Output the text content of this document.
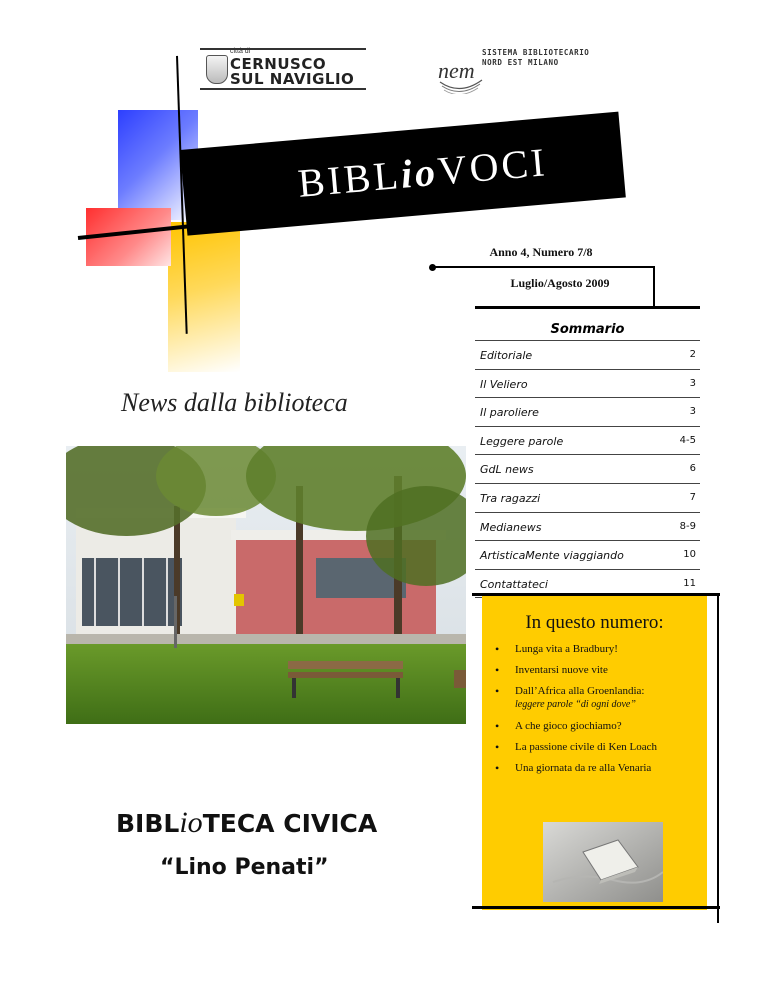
città di
CERNUSCO
SUL NAVIGLIO	nem
SISTEMA BIBLIOTECARIO
NORD EST MILANO
BIBLioVOCI
Anno 4, Numero 7/8
Luglio/Agosto 2009
Sommario
Editoriale	2
Il Veliero	3
Il paroliere	3
Leggere parole	4-5
GdL news	6
Tra ragazzi	7
Medianews	8-9
ArtisticaMente viaggiando	10
Contattateci	11
News dalla biblioteca
In questo numero:
• Lunga vita a Bradbury!
• Inventarsi nuove vite
• Dall’Africa alla Groenlandia:
leggere parole “di ogni dove”
• A che gioco giochiamo?
• La passione civile di Ken Loach
• Una giornata da re alla Venaria
BIBLioTECA CIVICA
“Lino Penati”
